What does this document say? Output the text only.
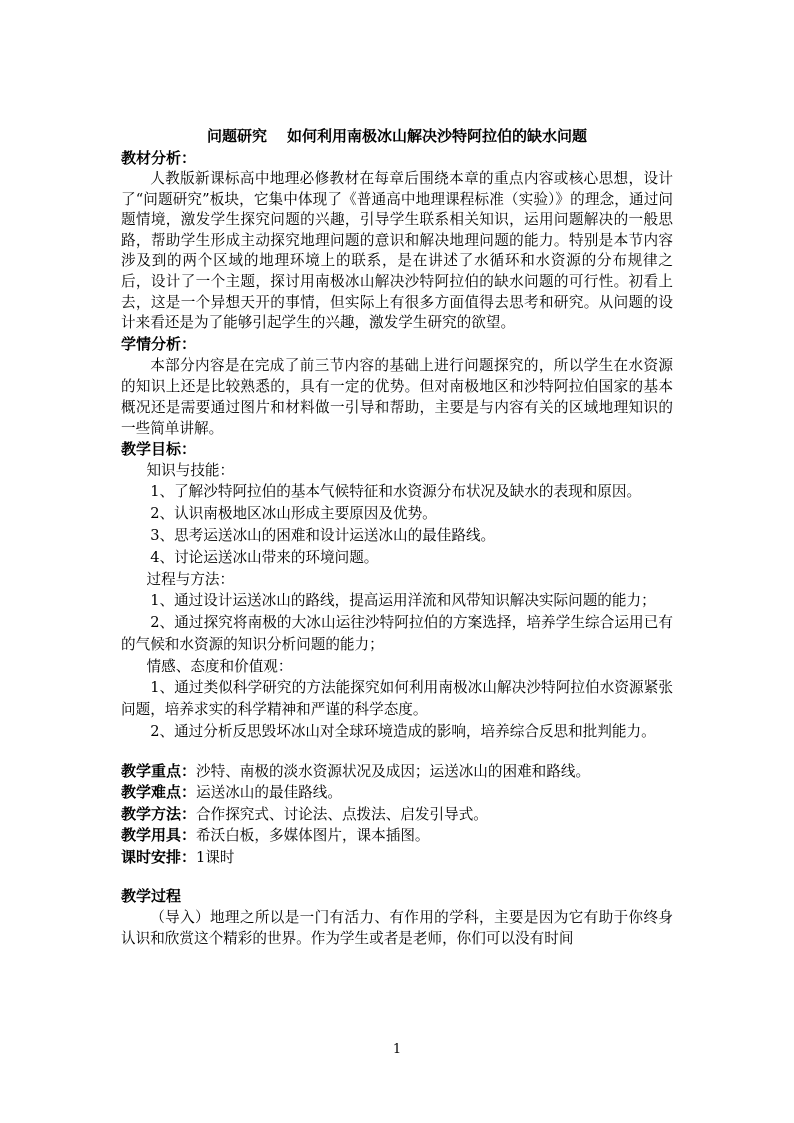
问题研究 如何利用南极冰山解决沙特阿拉伯的缺水问题
教材分析：
人教版新课标高中地理必修教材在每章后围绕本章的重点内容或核心思想，设计了“问题研究”板块，它集中体现了《普通高中地理课程标准（实验）》的理念，通过问题情境，激发学生探究问题的兴趣，引导学生联系相关知识，运用问题解决的一般思路，帮助学生形成主动探究地理问题的意识和解决地理问题的能力。特别是本节内容涉及到的两个区域的地理环境上的联系，是在讲述了水循环和水资源的分布规律之后，设计了一个主题，探讨用南极冰山解决沙特阿拉伯的缺水问题的可行性。初看上去，这是一个异想天开的事情，但实际上有很多方面值得去思考和研究。从问题的设计来看还是为了能够引起学生的兴趣，激发学生研究的欲望。
学情分析：
本部分内容是在完成了前三节内容的基础上进行问题探究的，所以学生在水资源的知识上还是比较熟悉的，具有一定的优势。但对南极地区和沙特阿拉伯国家的基本概况还是需要通过图片和材料做一引导和帮助，主要是与内容有关的区域地理知识的一些简单讲解。
教学目标：
知识与技能：
1、了解沙特阿拉伯的基本气候特征和水资源分布状况及缺水的表现和原因。
2、认识南极地区冰山形成主要原因及优势。
3、思考运送冰山的困难和设计运送冰山的最佳路线。
4、讨论运送冰山带来的环境问题。
过程与方法：
1、通过设计运送冰山的路线，提高运用洋流和风带知识解决实际问题的能力；
2、通过探究将南极的大冰山运往沙特阿拉伯的方案选择，培养学生综合运用已有的气候和水资源的知识分析问题的能力；
情感、态度和价值观：
1、通过类似科学研究的方法能探究如何利用南极冰山解决沙特阿拉伯水资源紧张问题，培养求实的科学精神和严谨的科学态度。
2、通过分析反思毁坏冰山对全球环境造成的影响，培养综合反思和批判能力。
教学重点：沙特、南极的淡水资源状况及成因；运送冰山的困难和路线。
教学难点：运送冰山的最佳路线。
教学方法：合作探究式、讨论法、点拨法、启发引导式。
教学用具：希沃白板，多媒体图片，课本插图。
课时安排：1课时
教学过程
（导入）地理之所以是一门有活力、有作用的学科，主要是因为它有助于你终身认识和欣赏这个精彩的世界。作为学生或者是老师，你们可以没有时间
1
